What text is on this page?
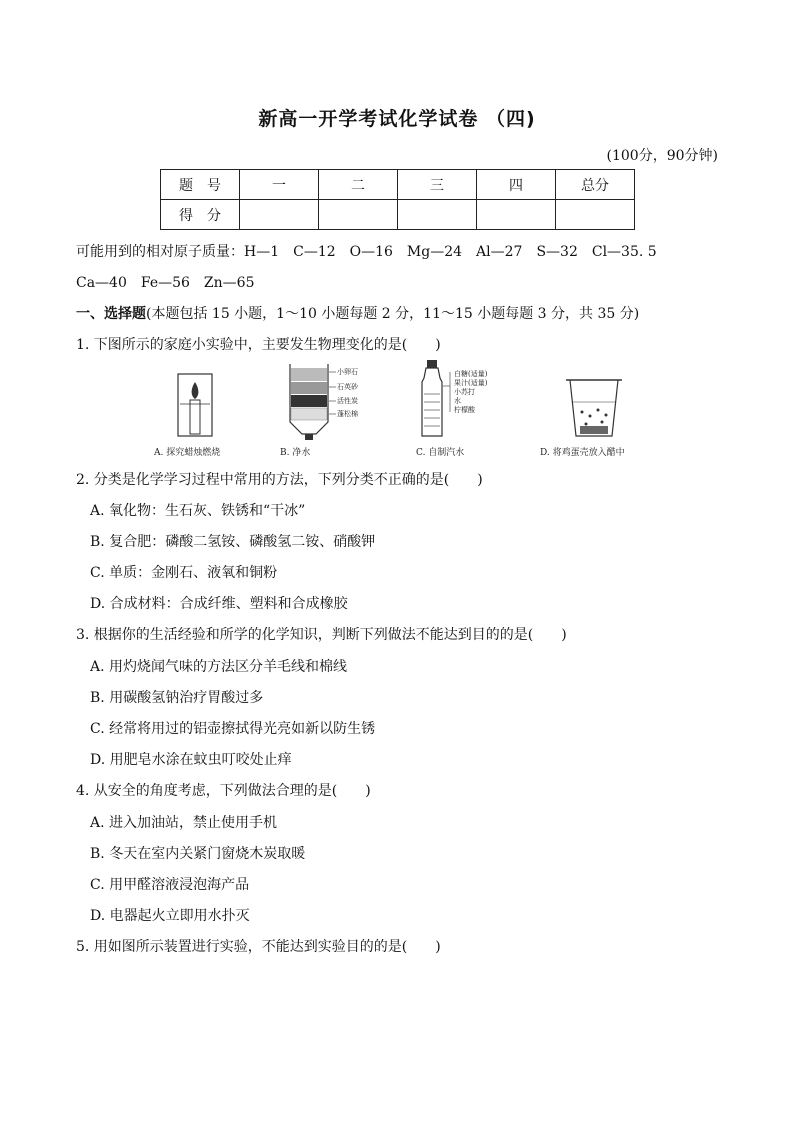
新高一开学考试化学试卷 （四)
(100分，90分钟)
题　号	一	二	三	四	总分
得　分					
可能用到的相对原子质量：H—1　C—12　O—16　Mg—24　Al—27　S—32　Cl—35. 5
Ca—40　Fe—56　Zn—65
一、选择题(本题包括 15 小题，1～10 小题每题 2 分，11～15 小题每题 3 分，共 35 分)
1. 下图所示的家庭小实验中，主要发生物理变化的是(　　)
小卵石
石英砂
活性炭
蓬松棉
白糖(适量)
果汁(适量)
小苏打
水
柠檬酸
A. 探究蜡烛燃烧	B. 净水	C. 自制汽水	D. 将鸡蛋壳放入醋中
2. 分类是化学学习过程中常用的方法，下列分类不正确的是(　　)
A. 氧化物：生石灰、铁锈和“干冰”
B. 复合肥：磷酸二氢铵、磷酸氢二铵、硝酸钾
C. 单质：金刚石、液氧和铜粉
D. 合成材料：合成纤维、塑料和合成橡胶
3. 根据你的生活经验和所学的化学知识，判断下列做法不能达到目的的是(　　)
A. 用灼烧闻气味的方法区分羊毛线和棉线
B. 用碳酸氢钠治疗胃酸过多
C. 经常将用过的铝壶擦拭得光亮如新以防生锈
D. 用肥皂水涂在蚊虫叮咬处止痒
4. 从安全的角度考虑，下列做法合理的是(　　)
A. 进入加油站，禁止使用手机
B. 冬天在室内关紧门窗烧木炭取暖
C. 用甲醛溶液浸泡海产品
D. 电器起火立即用水扑灭
5. 用如图所示装置进行实验，不能达到实验目的的是(　　)
